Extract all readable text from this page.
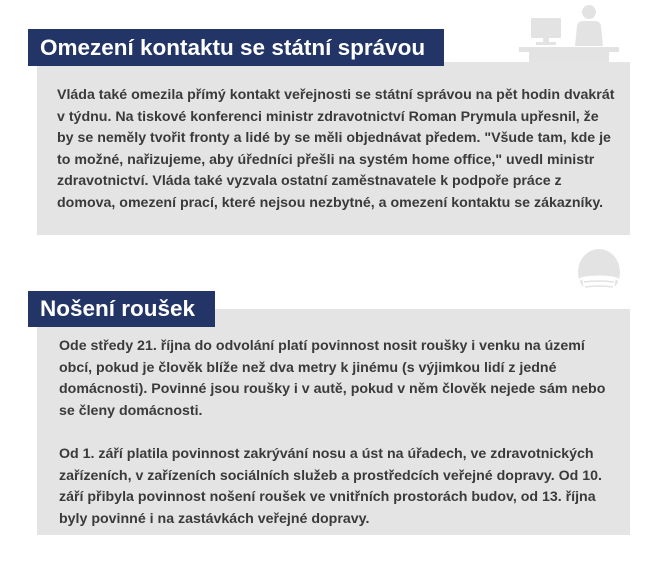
Omezení kontaktu se státní správou

Vláda také omezila přímý kontakt veřejnosti se státní správou na pět hodin dvakrát v týdnu. Na tiskové konferenci ministr zdravotnictví Roman Prymula upřesnil, že by se neměly tvořit fronty a lidé by se měli objednávat předem. "Všude tam, kde je to možné, nařizujeme, aby úředníci přešli na systém home office," uvedl ministr zdravotnictví. Vláda také vyzvala ostatní zaměstnavatele k podpoře práce z domova, omezení prací, které nejsou nezbytné, a omezení kontaktu se zákazníky.

Nošení roušek

Ode středy 21. října do odvolání platí povinnost nosit roušky i venku na území obcí, pokud je člověk blíže než dva metry k jinému (s výjimkou lidí z jedné domácnosti). Povinné jsou roušky i v autě, pokud v něm člověk nejede sám nebo se členy domácnosti.

Od 1. září platila povinnost zakrývání nosu a úst na úřadech, ve zdravotnických zařízeních, v zařízeních sociálních služeb a prostředcích veřejné dopravy. Od 10. září přibyla povinnost nošení roušek ve vnitřních prostorách budov, od 13. října byly povinné i na zastávkách veřejné dopravy.
